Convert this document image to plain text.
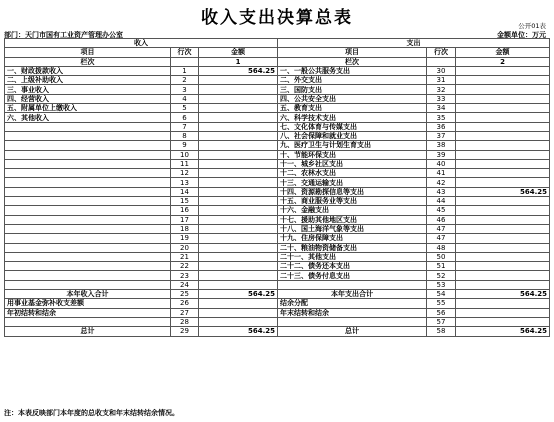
收入支出决算总表	公开01表
部门：天门市国有工业资产管理办公室	金额单位：万元
收入			支出		
项目	行次	金额	项目	行次	金额
栏次		1	栏次		2
一、财政拨款收入	1	564.25	一、一般公共服务支出	30	
二、上级补助收入	2		二、外交支出	31	
三、事业收入	3		三、国防支出	32	
四、经营收入	4		四、公共安全支出	33	
五、附属单位上缴收入	5		五、教育支出	34	
六、其他收入	6		六、科学技术支出	35	
	7		七、文化体育与传媒支出	36	
	8		八、社会保障和就业支出	37	
	9		九、医疗卫生与计划生育支出	38	
	10		十、节能环保支出	39	
	11		十一、城乡社区支出	40	
	12		十二、农林水支出	41	
	13		十三、交通运输支出	42	
	14		十四、资源勘探信息等支出	43	564.25
	15		十五、商业服务业等支出	44	
	16		十六、金融支出	45	
	17		十七、援助其他地区支出	46	
	18		十八、国土海洋气象等支出	47	
	19		十九、住房保障支出	47	
	20		二十、粮油物资储备支出	48	
	21		二十一、其他支出	50	
	22		二十二、债务还本支出	51	
	23		二十三、债务付息支出	52	
	24			53	
本年收入合计	25	564.25	本年支出合计	54	564.25
用事业基金弥补收支差额	26		结余分配	55	
年初结转和结余	27		年末结转和结余	56	
	28			57	
总计	29	564.25	总计	58	564.25
注：本表反映部门本年度的总收支和年末结转结余情况。
